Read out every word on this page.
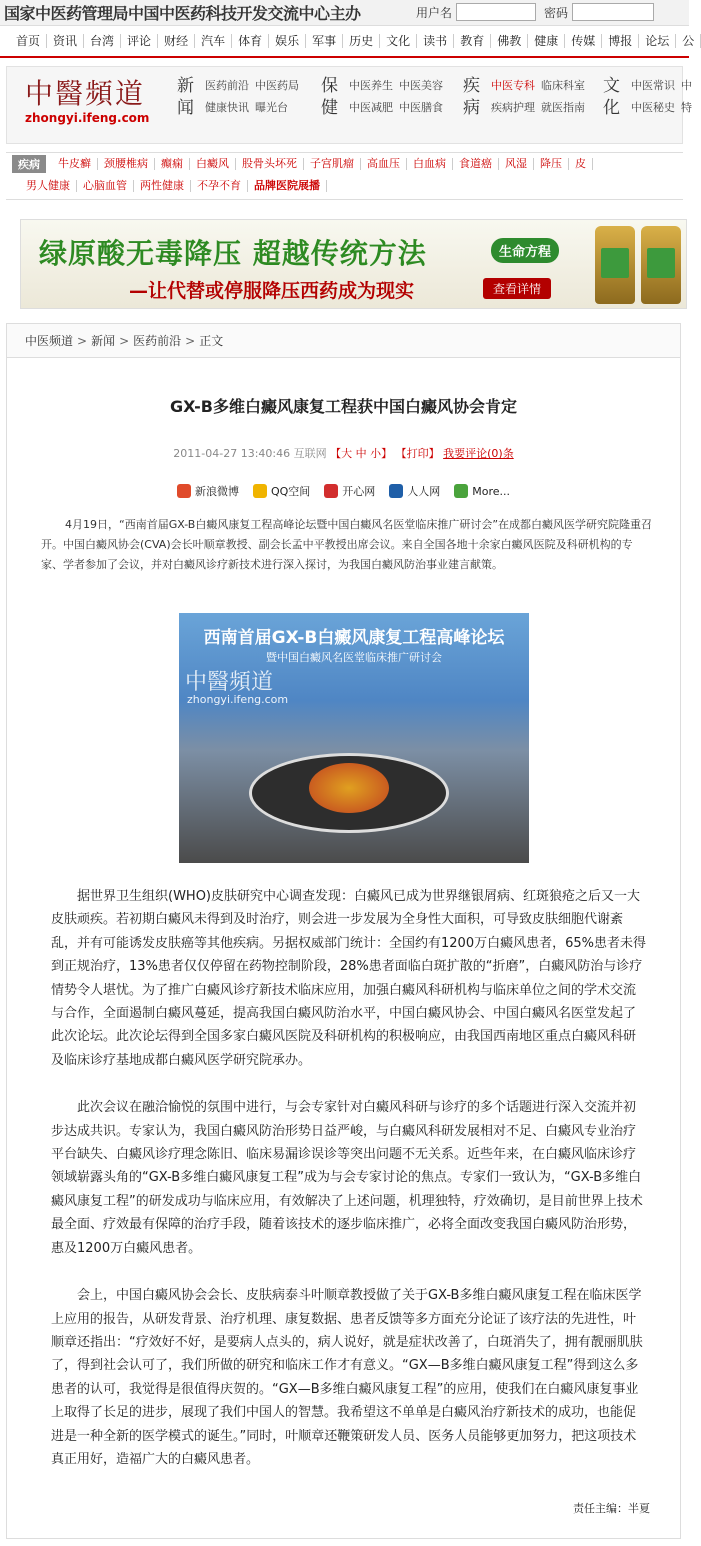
国家中医药管理局中国中医药科技开发交流中心主办	用户名	密码
首页	资讯	台湾	评论	财经	汽车	体育	娱乐	军事	历史	文化	读书	教育	佛教	健康	传媒	博报	论坛	公
中醫頻道
zhongyi.ifeng.com
新闻
医药前沿 中医药局
健康快讯 曝光台
保健
中医养生 中医美容
中医减肥 中医膳食
疾病
中医专科 临床科室
疾病护理 就医指南
文化
中医常识 中
中医秘史 特
疾病	牛皮癣	颈腰椎病	癫痫	白癜风	股骨头坏死	子宫肌瘤	高血压	白血病	食道癌	风湿	降压	皮
男人健康	心脑血管	两性健康	不孕不育	品牌医院展播
绿原酸无毒降压 超越传统方法
—让代替或停服降压西药成为现实
生命方程
查看详情
中医频道 > 新闻 > 医药前沿 > 正文
GX-B多维白癜风康复工程获中国白癜风协会肯定
2011-04-27 13:40:46 互联网 【大 中 小】 【打印】 我要评论(0)条
新浪微博	QQ空间	开心网	人人网	More...

4月19日，“西南首届GX-B白癜风康复工程高峰论坛暨中国白癜风名医堂临床推广研讨会”在成都白癜风医学研究院隆重召开。中国白癜风协会(CVA)会长叶顺章教授、副会长孟中平教授出席会议。来自全国各地十余家白癜风医院及科研机构的专家、学者参加了会议，并对白癜风诊疗新技术进行深入探讨，为我国白癜风防治事业建言献策。

西南首届GX-B白癜风康复工程高峰论坛
暨中国白癜风名医堂临床推广研讨会
中醫頻道
zhongyi.ifeng.com

据世界卫生组织(WHO)皮肤研究中心调查发现：白癜风已成为世界继银屑病、红斑狼疮之后又一大皮肤顽疾。若初期白癜风未得到及时治疗，则会进一步发展为全身性大面积，可导致皮肤细胞代谢紊乱，并有可能诱发皮肤癌等其他疾病。另据权威部门统计：全国约有1200万白癜风患者，65%患者未得到正规治疗，13%患者仅仅停留在药物控制阶段，28%患者面临白斑扩散的“折磨”，白癜风防治与诊疗情势令人堪忧。为了推广白癜风诊疗新技术临床应用，加强白癜风科研机构与临床单位之间的学术交流与合作，全面遏制白癜风蔓延，提高我国白癜风防治水平，中国白癜风协会、中国白癜风名医堂发起了此次论坛。此次论坛得到全国多家白癜风医院及科研机构的积极响应，由我国西南地区重点白癜风科研及临床诊疗基地成都白癜风医学研究院承办。

此次会议在融洽愉悦的氛围中进行，与会专家针对白癜风科研与诊疗的多个话题进行深入交流并初步达成共识。专家认为，我国白癜风防治形势日益严峻，与白癜风科研发展相对不足、白癜风专业治疗平台缺失、白癜风诊疗理念陈旧、临床易漏诊误诊等突出问题不无关系。近些年来，在白癜风临床诊疗领域崭露头角的“GX-B多维白癜风康复工程”成为与会专家讨论的焦点。专家们一致认为，“GX-B多维白癜风康复工程”的研发成功与临床应用，有效解决了上述问题，机理独特，疗效确切，是目前世界上技术最全面、疗效最有保障的治疗手段，随着该技术的逐步临床推广，必将全面改变我国白癜风防治形势，惠及1200万白癜风患者。

会上，中国白癜风协会会长、皮肤病泰斗叶顺章教授做了关于GX-B多维白癜风康复工程在临床医学上应用的报告，从研发背景、治疗机理、康复数据、患者反馈等多方面充分论证了该疗法的先进性，叶顺章还指出：“疗效好不好，是要病人点头的，病人说好，就是症状改善了，白斑消失了，拥有靓丽肌肤了，得到社会认可了，我们所做的研究和临床工作才有意义。“GX—B多维白癜风康复工程”得到这么多患者的认可，我觉得是很值得庆贺的。“GX—B多维白癜风康复工程”的应用，使我们在白癜风康复事业上取得了长足的进步，展现了我们中国人的智慧。我希望这不单单是白癜风治疗新技术的成功，也能促进是一种全新的医学模式的诞生。”同时，叶顺章还鞭策研发人员、医务人员能够更加努力，把这项技术真正用好，造福广大的白癜风患者。

责任主编：半夏
